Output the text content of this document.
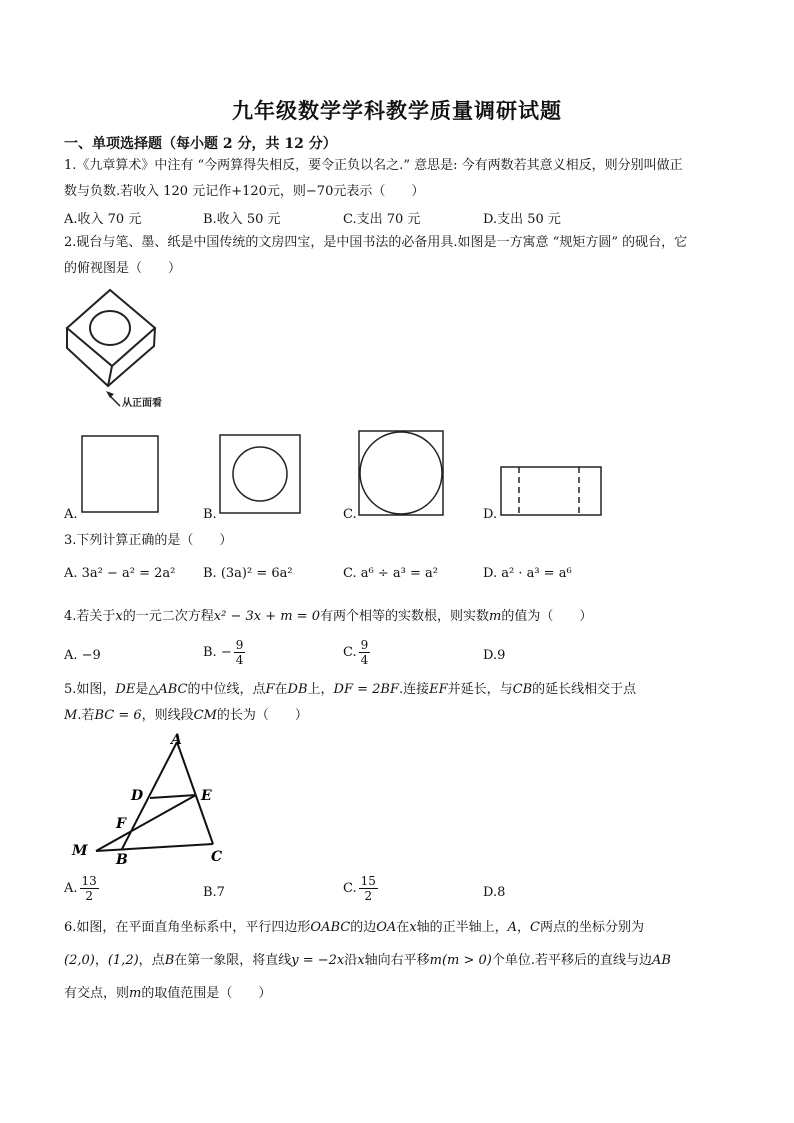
九年级数学学科教学质量调研试题
一、单项选择题（每小题 2 分，共 12 分）
1.《九章算术》中注有 “今两算得失相反，要令正负以名之.” 意思是: 今有两数若其意义相反，则分别叫做正
数与负数.若收入 120 元记作+120元，则−70元表示（　　）
A.收入 70 元	B.收入 50 元	C.支出 70 元	D.支出 50 元
2.砚台与笔、墨、纸是中国传统的文房四宝，是中国书法的必备用具.如图是一方寓意 “规矩方圆” 的砚台，它
的俯视图是（　　）
从正面看
A.	B.	C.	D.
3.下列计算正确的是（　　）
A. 3a² − a² = 2a² B. (3a)² = 6a²	C. a⁶ ÷ a³ = a²	D. a² · a³ = a⁶
4.若关于x的一元二次方程x² − 3x + m = 0有两个相等的实数根，则实数m的值为（　　）
A. −9	B. − $\frac{9}{4}$	C. $\frac{9}{4}$	D.9
5.如图，DE是△ABC的中位线，点F在DB上，DF = 2BF.连接EF并延长，与CB的延长线相交于点
M.若BC = 6，则线段CM的长为（　　）
A
D	E
F
M
B	C
A. $\frac{13}{2}$	B.7	C. $\frac{15}{2}$	D.8
6.如图，在平面直角坐标系中，平行四边形OABC的边OA在x轴的正半轴上，A，C两点的坐标分别为
(2,0)，(1,2)，点B在第一象限，将直线y = −2x沿x轴向右平移m(m > 0)个单位.若平移后的直线与边AB
有交点，则m的取值范围是（　　）
